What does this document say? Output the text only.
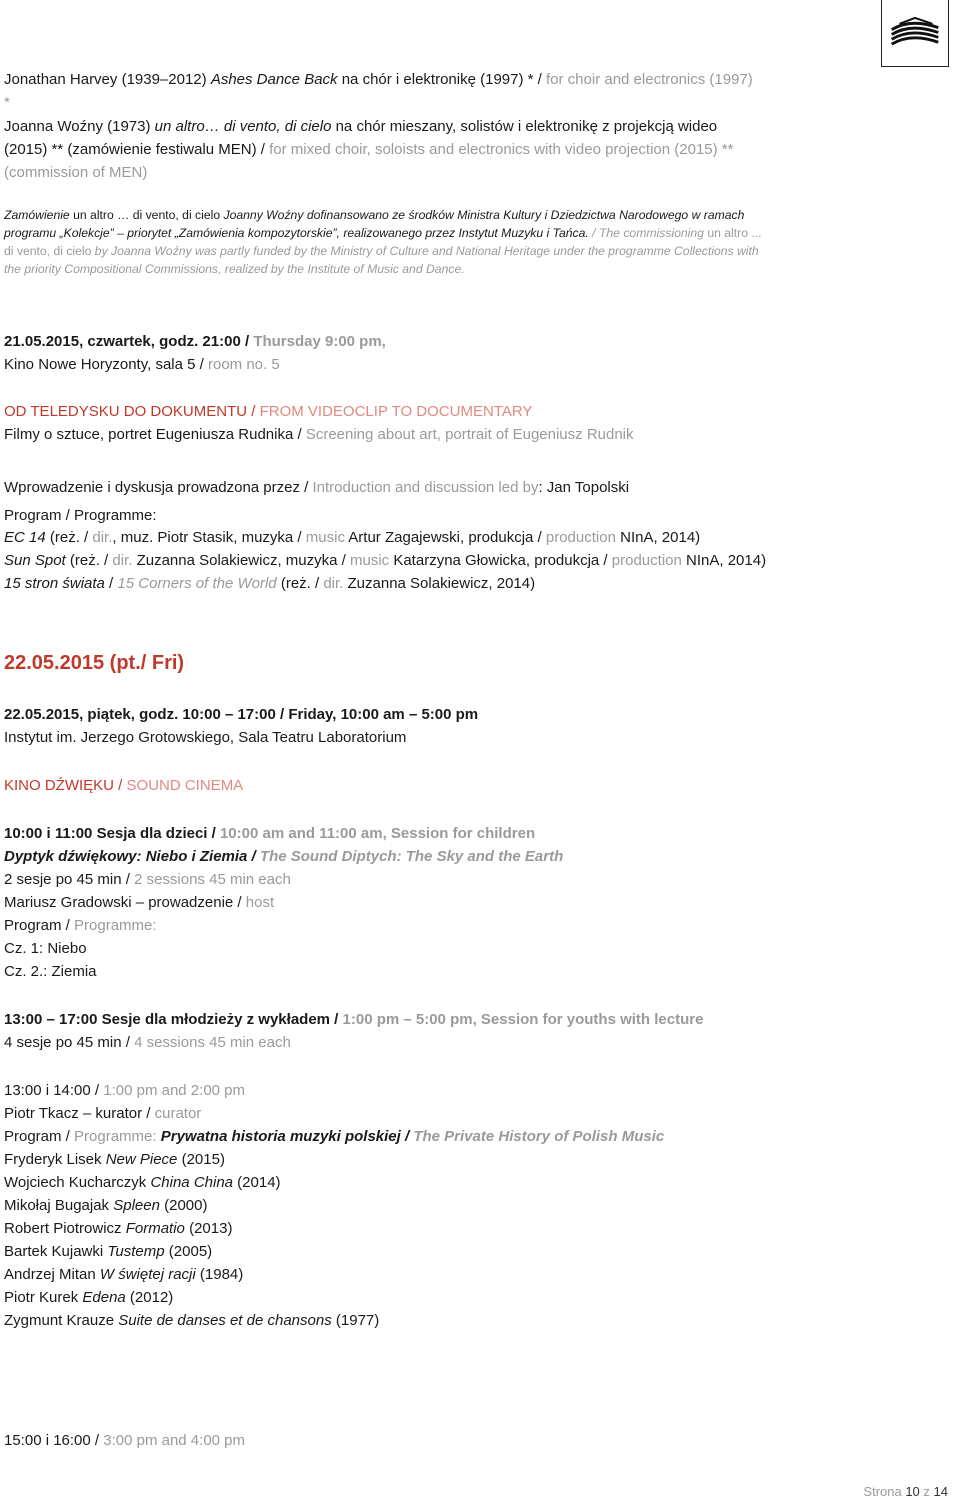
Jonathan Harvey (1939–2012) Ashes Dance Back na chór i elektronikę (1997) * / for choir and electronics (1997)
*
Joanna Woźny (1973) un altro… di vento, di cielo na chór mieszany, solistów i elektronikę z projekcją wideo
(2015) ** (zamówienie festiwalu MEN) / for mixed choir, soloists and electronics with video projection (2015) **
(commission of MEN)
Zamówienie un altro … di vento, di cielo Joanny Woźny dofinansowano ze środków Ministra Kultury i Dziedzictwa Narodowego w ramach
programu „Kolekcje” – priorytet „Zamówienia kompozytorskie”, realizowanego przez Instytut Muzyku i Tańca. / The commissioning un altro ...
di vento, di cielo by Joanna Woźny was partly funded by the Ministry of Culture and National Heritage under the programme Collections with
the priority Compositional Commissions, realized by the Institute of Music and Dance.
21.05.2015, czwartek, godz. 21:00 / Thursday 9:00 pm,
Kino Nowe Horyzonty, sala 5 / room no. 5
OD TELEDYSKU DO DOKUMENTU / FROM VIDEOCLIP TO DOCUMENTARY
Filmy o sztuce, portret Eugeniusza Rudnika / Screening about art, portrait of Eugeniusz Rudnik
Wprowadzenie i dyskusja prowadzona przez / Introduction and discussion led by: Jan Topolski
Program / Programme:
EC 14 (reż. / dir., muz. Piotr Stasik, muzyka / music Artur Zagajewski, produkcja / production NInA, 2014)
Sun Spot (reż. / dir. Zuzanna Solakiewicz, muzyka / music Katarzyna Głowicka, produkcja / production NInA, 2014)
15 stron świata / 15 Corners of the World (reż. / dir. Zuzanna Solakiewicz, 2014)
22.05.2015 (pt./ Fri)
22.05.2015, piątek, godz. 10:00 – 17:00 / Friday, 10:00 am – 5:00 pm
Instytut im. Jerzego Grotowskiego, Sala Teatru Laboratorium
KINO DŹWIĘKU / SOUND CINEMA
10:00 i 11:00 Sesja dla dzieci / 10:00 am and 11:00 am, Session for children
Dyptyk dźwiękowy: Niebo i Ziemia / The Sound Diptych: The Sky and the Earth
2 sesje po 45 min / 2 sessions 45 min each
Mariusz Gradowski – prowadzenie / host
Program / Programme:
Cz. 1: Niebo
Cz. 2.: Ziemia
13:00 – 17:00 Sesje dla młodzieży z wykładem / 1:00 pm – 5:00 pm, Session for youths with lecture
4 sesje po 45 min / 4 sessions 45 min each
13:00 i 14:00 / 1:00 pm and 2:00 pm
Piotr Tkacz – kurator / curator
Program / Programme: Prywatna historia muzyki polskiej / The Private History of Polish Music
Fryderyk Lisek New Piece (2015)
Wojciech Kucharczyk China China (2014)
Mikołaj Bugajak Spleen (2000)
Robert Piotrowicz Formatio (2013)
Bartek Kujawki Tustemp (2005)
Andrzej Mitan W świętej racji (1984)
Piotr Kurek Edena (2012)
Zygmunt Krauze Suite de danses et de chansons (1977)
15:00 i 16:00 / 3:00 pm and 4:00 pm
Strona 10 z 14
